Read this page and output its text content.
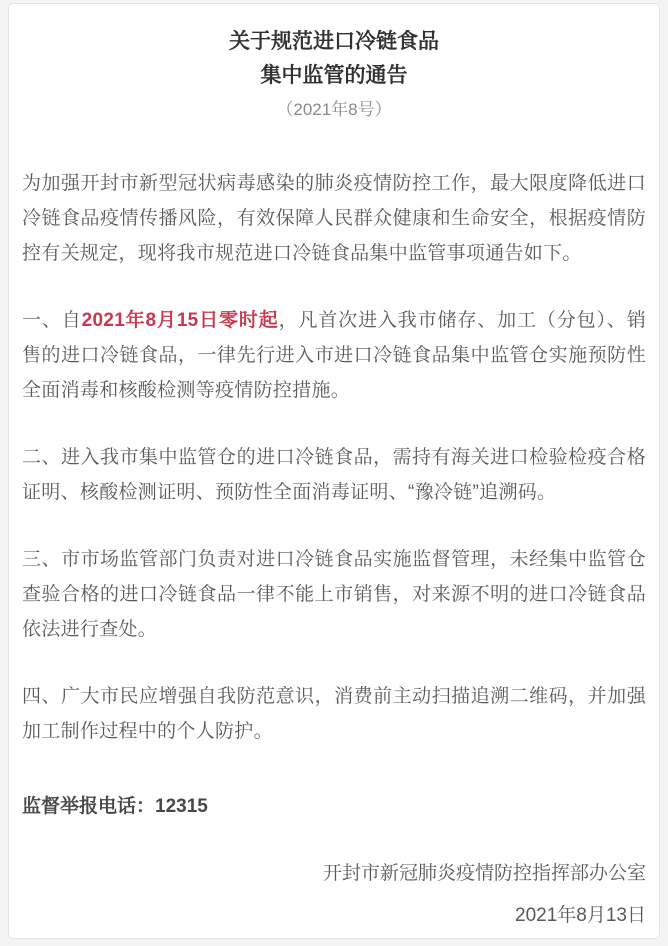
关于规范进口冷链食品
集中监管的通告
（2021年8号）

为加强开封市新型冠状病毒感染的肺炎疫情防控工作，最大限度降低进口冷链食品疫情传播风险，有效保障人民群众健康和生命安全，根据疫情防控有关规定，现将我市规范进口冷链食品集中监管事项通告如下。

一、自2021年8月15日零时起，凡首次进入我市储存、加工（分包）、销售的进口冷链食品，一律先行进入市进口冷链食品集中监管仓实施预防性全面消毒和核酸检测等疫情防控措施。

二、进入我市集中监管仓的进口冷链食品，需持有海关进口检验检疫合格证明、核酸检测证明、预防性全面消毒证明、“豫冷链”追溯码。

三、市市场监管部门负责对进口冷链食品实施监督管理，未经集中监管仓查验合格的进口冷链食品一律不能上市销售，对来源不明的进口冷链食品依法进行查处。

四、广大市民应增强自我防范意识，消费前主动扫描追溯二维码，并加强加工制作过程中的个人防护。

监督举报电话：12315

开封市新冠肺炎疫情防控指挥部办公室
2021年8月13日
